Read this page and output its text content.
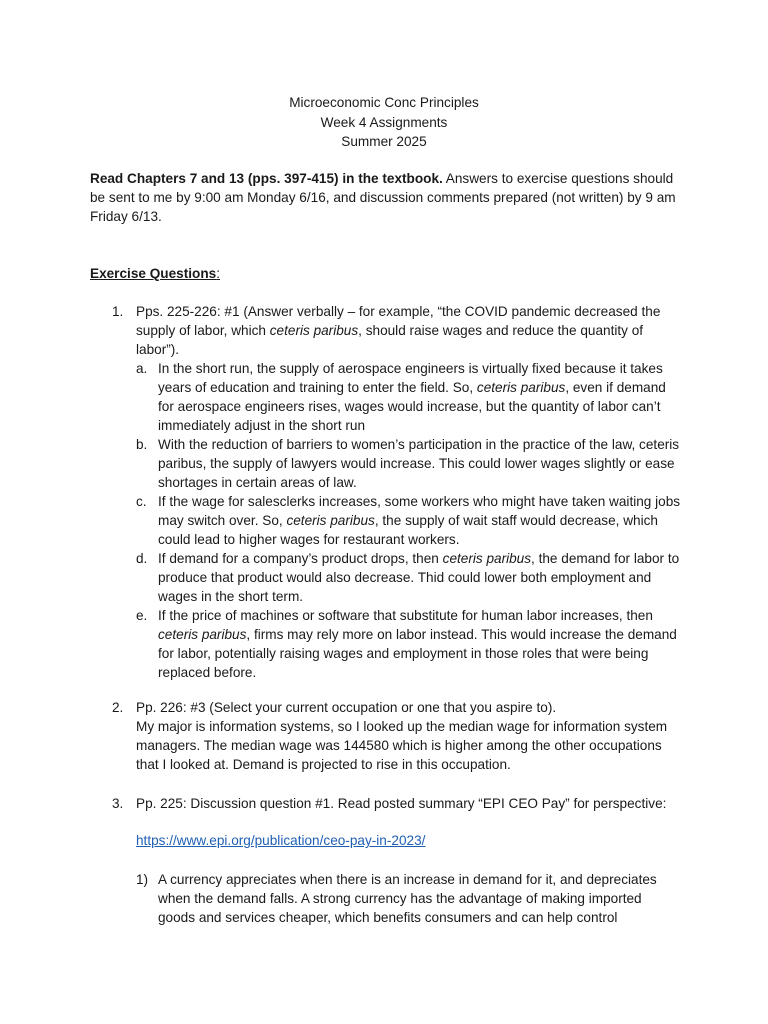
Microeconomic Conc Principles
Week 4 Assignments
Summer 2025
Read Chapters 7 and 13 (pps. 397-415) in the textbook. Answers to exercise questions should be sent to me by 9:00 am Monday 6/16, and discussion comments prepared (not written) by 9 am Friday 6/13.
Exercise Questions:
1. Pps. 225-226: #1 (Answer verbally – for example, “the COVID pandemic decreased the supply of labor, which ceteris paribus, should raise wages and reduce the quantity of labor”).
a. In the short run, the supply of aerospace engineers is virtually fixed because it takes years of education and training to enter the field. So, ceteris paribus, even if demand for aerospace engineers rises, wages would increase, but the quantity of labor can’t immediately adjust in the short run
b. With the reduction of barriers to women’s participation in the practice of the law, ceteris paribus, the supply of lawyers would increase. This could lower wages slightly or ease shortages in certain areas of law.
c. If the wage for salesclerks increases, some workers who might have taken waiting jobs may switch over. So, ceteris paribus, the supply of wait staff would decrease, which could lead to higher wages for restaurant workers.
d. If demand for a company’s product drops, then ceteris paribus, the demand for labor to produce that product would also decrease. Thid could lower both employment and wages in the short term.
e. If the price of machines or software that substitute for human labor increases, then ceteris paribus, firms may rely more on labor instead. This would increase the demand for labor, potentially raising wages and employment in those roles that were being replaced before.
2. Pp. 226: #3 (Select your current occupation or one that you aspire to).
My major is information systems, so I looked up the median wage for information system managers. The median wage was 144580 which is higher among the other occupations that I looked at. Demand is projected to rise in this occupation.
3. Pp. 225: Discussion question #1. Read posted summary “EPI CEO Pay” for perspective:
https://www.epi.org/publication/ceo-pay-in-2023/
1) A currency appreciates when there is an increase in demand for it, and depreciates when the demand falls. A strong currency has the advantage of making imported goods and services cheaper, which benefits consumers and can help control
